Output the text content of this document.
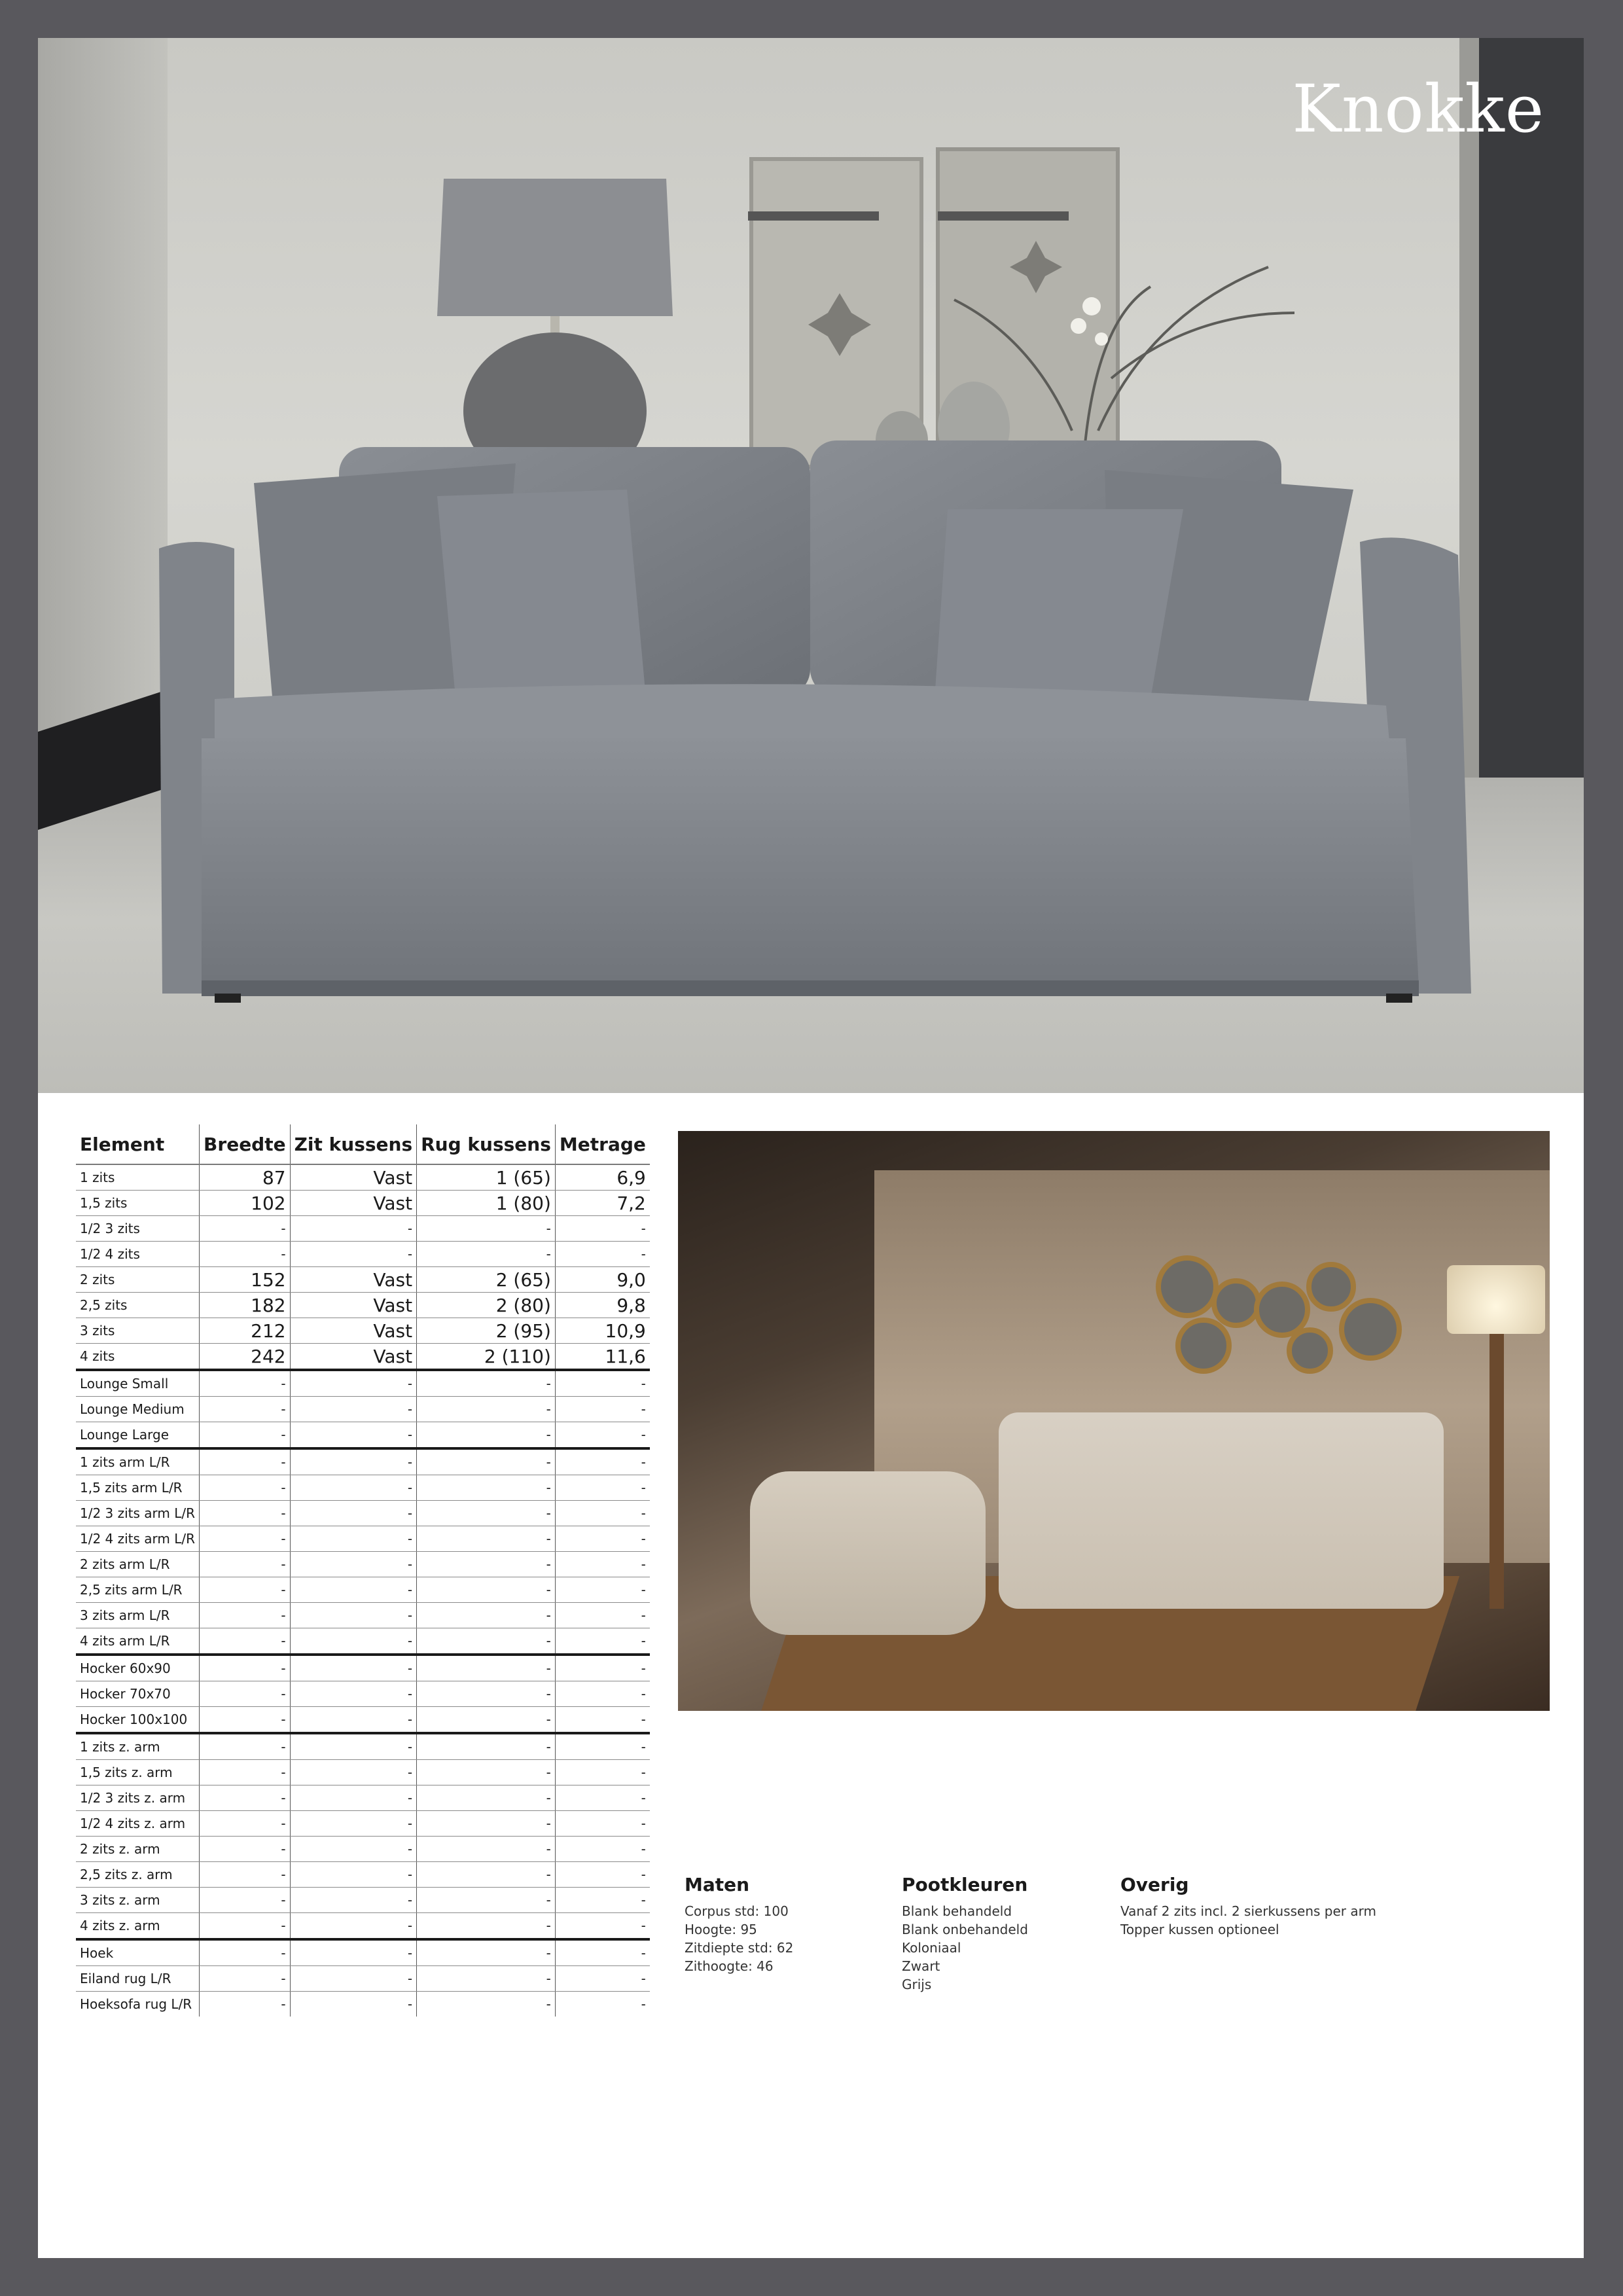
Knokke
Element	Breedte	Zit kussens	Rug kussens	Metrage
1 zits	87	Vast	1 (65)	6,9
1,5 zits	102	Vast	1 (80)	7,2
1/2 3 zits	-	-	-	-
1/2 4 zits	-	-	-	-
2 zits	152	Vast	2 (65)	9,0
2,5 zits	182	Vast	2 (80)	9,8
3 zits	212	Vast	2 (95)	10,9
4 zits	242	Vast	2 (110)	11,6
Lounge Small	-	-	-	-
Lounge Medium	-	-	-	-
Lounge Large	-	-	-	-
1 zits arm L/R	-	-	-	-
1,5 zits arm L/R	-	-	-	-
1/2 3 zits arm L/R	-	-	-	-
1/2 4 zits arm L/R	-	-	-	-
2 zits arm L/R	-	-	-	-
2,5 zits arm L/R	-	-	-	-
3 zits arm L/R	-	-	-	-
4 zits arm L/R	-	-	-	-
Hocker 60x90	-	-	-	-
Hocker 70x70	-	-	-	-
Hocker 100x100	-	-	-	-
1 zits z. arm	-	-	-	-
1,5 zits z. arm	-	-	-	-
1/2 3 zits z. arm	-	-	-	-
1/2 4 zits z. arm	-	-	-	-
2 zits z. arm	-	-	-	-
2,5 zits z. arm	-	-	-	-
3 zits z. arm	-	-	-	-
4 zits z. arm	-	-	-	-
Hoek	-	-	-	-
Eiland rug L/R	-	-	-	-
Hoeksofa rug L/R	-	-	-	-
Maten
Corpus std: 100
Hoogte: 95
Zitdiepte std: 62
Zithoogte: 46
Pootkleuren
Blank behandeld
Blank onbehandeld
Koloniaal
Zwart
Grijs
Overig
Vanaf 2 zits incl. 2 sierkussens per arm
Topper kussen optioneel
